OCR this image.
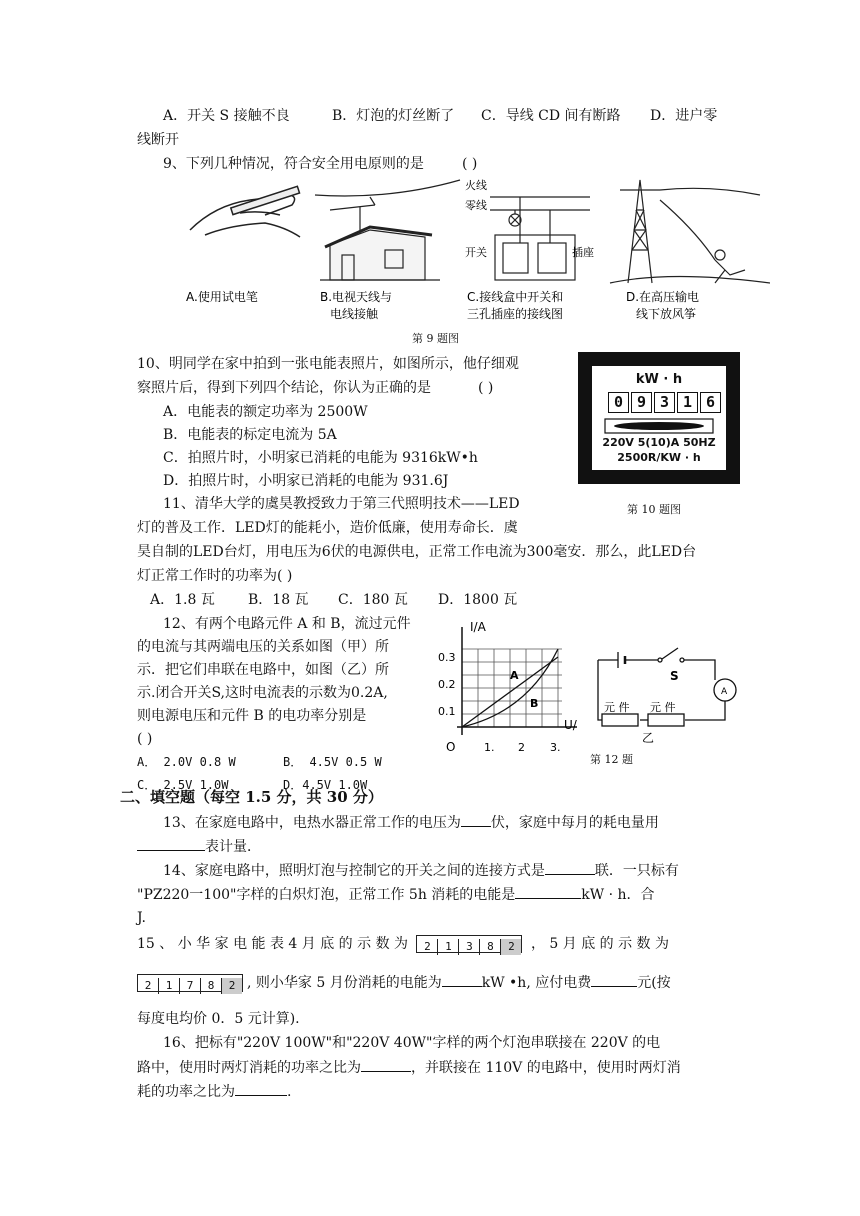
A．开关 S 接触不良	B．灯泡的灯丝断了 C．导线 CD 间有断路 D．进户零
线断开
9、下列几种情况，符合安全用电原则的是	( )
A.使用试电笔	B.电视天线与
电线接触
开关	插座
火线
零线
C.接线盒中开关和
三孔插座的接线图
D.在高压输电
线下放风筝
第 9 题图
10、明同学在家中拍到一张电能表照片，如图所示，他仔细观
察照片后，得到下列四个结论，你认为正确的是	( )
A．电能表的额定功率为 2500W
B．电能表的标定电流为 5A
C．拍照片时，小明家已消耗的电能为 9316kW•h
D．拍照片时，小明家已消耗的电能为 931.6J
kW · h
0 9 3 1 6
220V 5(10)A 50HZ
2500R/KW · h
第 10 题图
11、清华大学的虞昊教授致力于第三代照明技术——LED
灯的普及工作．LED灯的能耗小，造价低廉，使用寿命长．虞
昊自制的LED台灯，用电压为6伏的电源供电，正常工作电流为300毫安．那么，此LED台
灯正常工作时的功率为( )
A．1.8 瓦 B．18 瓦 C．180 瓦 D．1800 瓦
12、有两个电路元件 A 和 B，流过元件
的电流与其两端电压的关系如图（甲）所
示．把它们串联在电路中，如图（乙）所
示.闭合开关S,这时电流表的示数为0.2A,
则电源电压和元件 B 的电功率分别是
( )
A． 2.0V 0.8 W	B． 4.5V 0.5 W
C． 2.5V 1.0W	D．4.5V 1.0W
I/A
U/
O
0.3
0.2
0.1
1. 2 3.
A
B
S
A
元 件 元 件
乙
第 12 题
二、填空题（每空 1.5 分，共 30 分）
13、在家庭电路中，电热水器正常工作的电压为 伏，家庭中每月的耗电量用
表计量．
14、家庭电路中，照明灯泡与控制它的开关之间的连接方式是	联．一只标有
"PZ220一100"字样的白炽灯泡，正常工作 5h 消耗的电能是	kW · h．合
J.
15 、 小 华 家 电 能 表 4 月 底 的 示 数 为 2 1 3 8 2 ， 5 月 底 的 示 数 为
2 1 7 8 2 , 则小华家 5 月份消耗的电能为	kW •h, 应付电费	元(按
每度电均价 0．5 元计算).
16、把标有"220V 100W"和"220V 40W"字样的两个灯泡串联接在 220V 的电
路中，使用时两灯消耗的功率之比为	，并联接在 110V 的电路中，使用时两灯消
耗的功率之比为	.
